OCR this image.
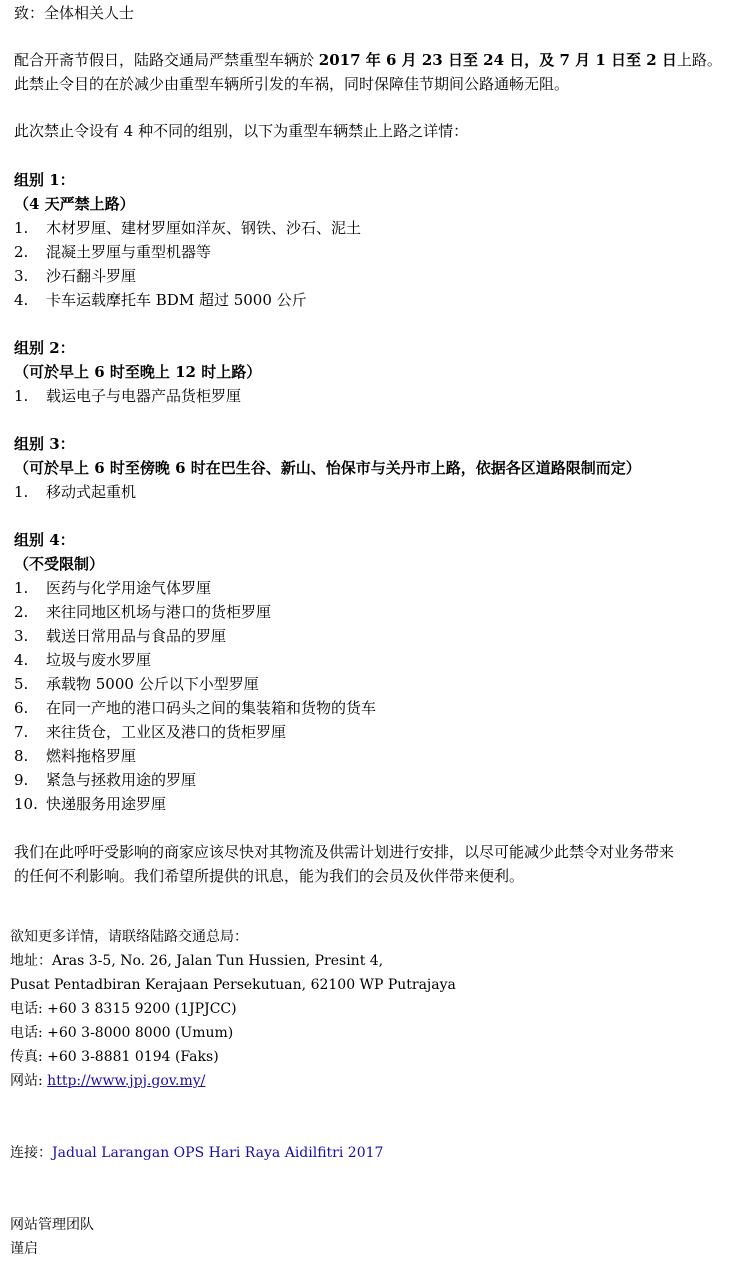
致：全体相关人士
配合开斋节假日，陆路交通局严禁重型车辆於 2017 年 6 月 23 日至 24 日，及 7 月 1 日至 2 日上路。
此禁止令目的在於减少由重型车辆所引发的车祸，同时保障佳节期间公路通畅无阻。
此次禁止令设有 4 种不同的组别，以下为重型车辆禁止上路之详情：
组别 1：
（4 天严禁上路）
1. 木材罗厘、建材罗厘如洋灰、钢铁、沙石、泥土
2. 混凝土罗厘与重型机器等
3. 沙石翻斗罗厘
4. 卡车运载摩托车 BDM 超过 5000 公斤
组别 2：
（可於早上 6 时至晚上 12 时上路）
1. 载运电子与电器产品货柜罗厘
组别 3：
（可於早上 6 时至傍晚 6 时在巴生谷、新山、怡保市与关丹市上路，依据各区道路限制而定）
1. 移动式起重机
组别 4：
（不受限制）
1. 医药与化学用途气体罗厘
2. 来往同地区机场与港口的货柜罗厘
3. 载送日常用品与食品的罗厘
4. 垃圾与废水罗厘
5. 承载物 5000 公斤以下小型罗厘
6. 在同一产地的港口码头之间的集装箱和货物的货车
7. 来往货仓，工业区及港口的货柜罗厘
8. 燃料拖格罗厘
9. 紧急与拯救用途的罗厘
10. 快递服务用途罗厘
我们在此呼吁受影响的商家应该尽快对其物流及供需计划进行安排，以尽可能减少此禁令对业务带来
的任何不利影响。我们希望所提供的讯息，能为我们的会员及伙伴带来便利。
欲知更多详情，请联络陆路交通总局：
地址：Aras 3-5, No. 26, Jalan Tun Hussien, Presint 4,
Pusat Pentadbiran Kerajaan Persekutuan, 62100 WP Putrajaya
电话: +60 3 8315 9200 (1JPJCC)
电话: +60 3-8000 8000 (Umum)
传真: +60 3-8881 0194 (Faks)
网站: http://www.jpj.gov.my/
连接：Jadual Larangan OPS Hari Raya Aidilfitri 2017
网站管理团队
谨启
